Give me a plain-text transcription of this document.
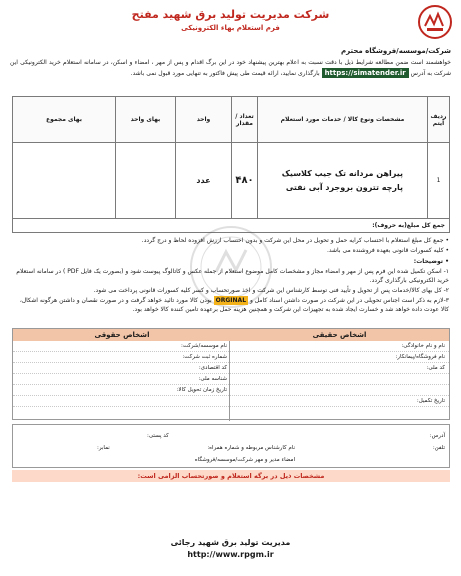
شرکت مدیریت تولید برق شهید مفتح
فرم استعلام بهاء الکترونیکی
شرکت/موسسه/فروشگاه محترم
خواهشمند است ضمن مطالعه شرایط ذیل با دقت نسبت به اعلام بهترین پیشنهاد خود در این برگ اقدام و پس از مهر ، امضاء و اسکن، در سامانه استعلام خرید الکترونیکی این شرکت به آدرس https://simatender.ir بارگذاری نمایید، ارائه قیمت طی پیش فاکتور به تنهایی مورد قبول نمی باشد.
ردیف آیتم	مشخصات ونوع کالا / خدمات مورد استعلام	تعداد / مقدار	واحد	بهای واحد	بهای مجموع
1	پیراهن مردانه تک جیب کلاسیک
پارچه تترون بروجرد آبی نفتی	۴۸۰	عدد		
جمع کل مبلغ(به حروف):					
• جمع کل مبلغ استعلام با احتساب کرایه حمل و تحویل در محل این شرکت و بدون احتساب ارزش افزوده لحاظ و درج گردد.
• کلیه کسورات قانونی بعهده فروشنده می باشد.
• توضیحات:
۱- اسکن تکمیل شده این فرم پس از مهر و امضاء مجاز و مشخصات کامل موضوع استعلام از جمله عکس و کاتالوگ پیوست شود و (بصورت یک فایل PDF ) در سامانه استعلام خرید الکترونیکی بارگذاری گردد.
۲- کل بهای کالا/خدمات پس از تحویل و تأیید فنی توسط کارشناس این شرکت و اخذ صورتحساب و کسر کلیه کسورات قانونی پرداخت می شود.
۳-لازم به ذکر است اجناس تحویلی در این شرکت در صورت داشتن اسناد کامل و ORGINAL بودن کالا مورد تائید خواهد گرفت و در صورت نقصان و داشتن هرگونه اشکال، کالا عودت داده خواهد شد و خسارت ایجاد شده به تجهیزات این شرکت و همچنین هزینه حمل برعهده تامین کننده کالا خواهد بود.
اشخاص حقیقی
نام و نام خانوادگی:
نام فروشگاه/پیمانکار:
کد ملی:
تاریخ تکمیل:
اشخاص حقوقی
نام موسسه/شرکت:
شماره ثبت شرکت:
کد اقتصادی:
شناسه ملی:
تاریخ زمان تحویل کالا:
آدرس:
کد پستی:
تلفن:
نام کارشناس مربوطه و شماره همراه:
نمابر:
امضاء مدیر و مهر شرکت/موسسه/فروشگاه
مشخصات ذیل در برگه استعلام و صورتحساب الزامی است:
مدیریت تولید برق شهید رجائی
http://www.rpgm.ir
